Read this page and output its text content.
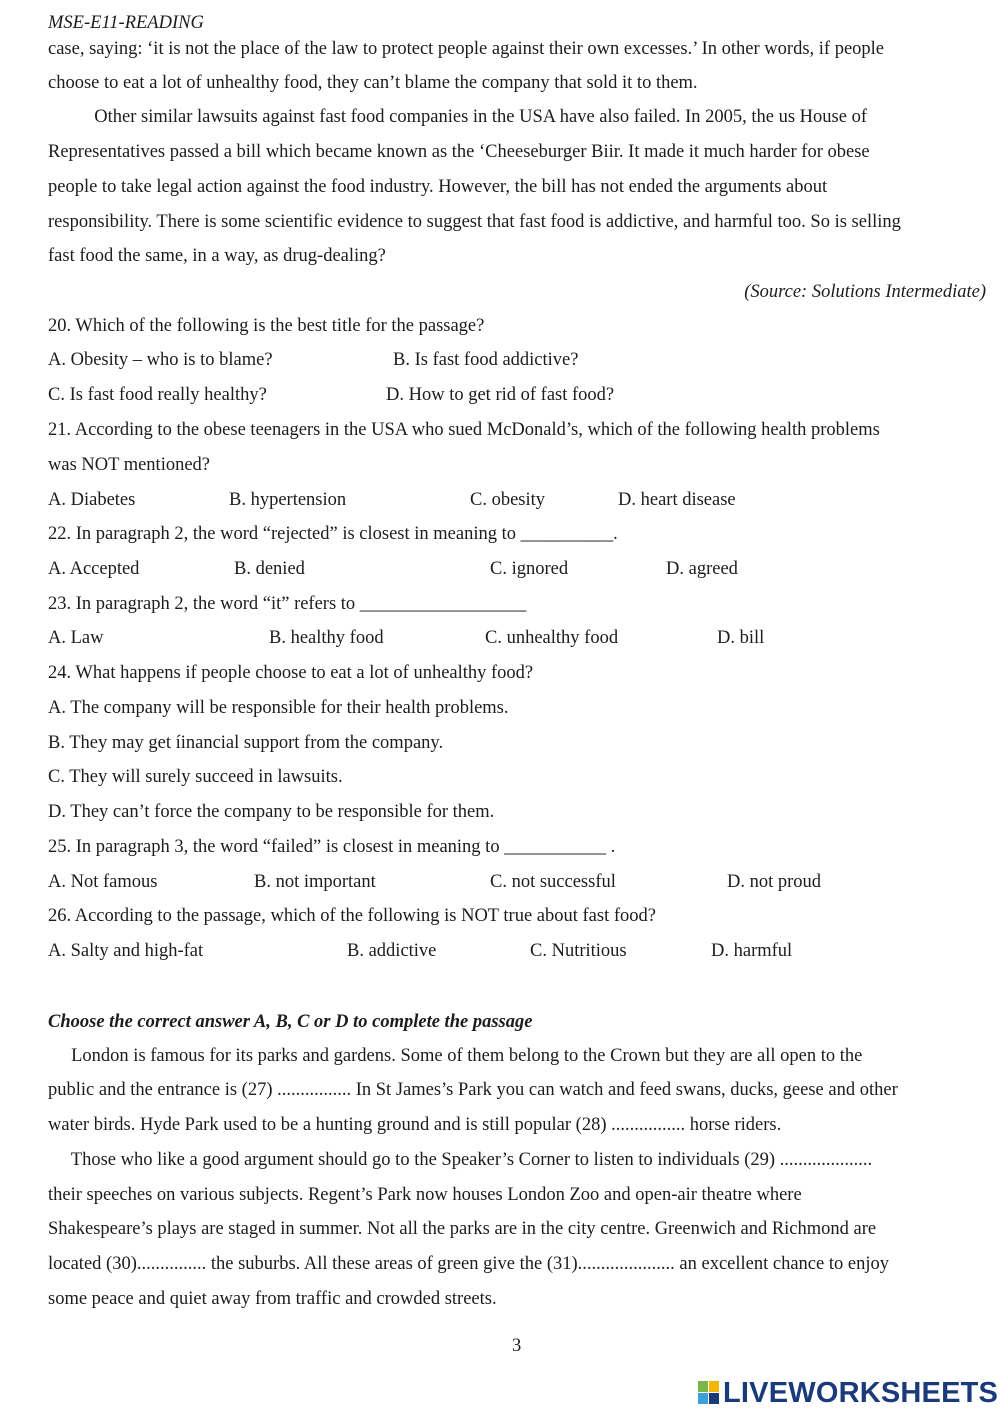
MSE-E11-READING
case, saying: ‘it is not the place of the law to protect people against their own excesses.’ In other words, if people
choose to eat a lot of unhealthy food, they can’t blame the company that sold it to them.
Other similar lawsuits against fast food companies in the USA have also failed. In 2005, the us House of
Representatives passed a bill which became known as the ‘Cheeseburger Biir. It made it much harder for obese
people to take legal action against the food industry. However, the bill has not ended the arguments about
responsibility. There is some scientific evidence to suggest that fast food is addictive, and harmful too. So is selling
fast food the same, in a way, as drug-dealing?
(Source: Solutions Intermediate)
20. Which of the following is the best title for the passage?
A. Obesity – who is to blame?	B. Is fast food addictive?
C. Is fast food really healthy?	D. How to get rid of fast food?
21. According to the obese teenagers in the USA who sued McDonald’s, which of the following health problems
was NOT mentioned?
A. Diabetes	B. hypertension	C. obesity	D. heart disease
22. In paragraph 2, the word “rejected” is closest in meaning to __________.
A. Accepted	B. denied	C. ignored	D. agreed
23. In paragraph 2, the word “it” refers to __________________
A. Law	B. healthy food	C. unhealthy food	D. bill
24. What happens if people choose to eat a lot of unhealthy food?
A. The company will be responsible for their health problems.
B. They may get íinancial support from the company.
C. They will surely succeed in lawsuits.
D. They can’t force the company to be responsible for them.
25. In paragraph 3, the word “failed” is closest in meaning to ___________ .
A. Not famous	B. not important	C. not successful	D. not proud
26. According to the passage, which of the following is NOT true about fast food?
A. Salty and high-fat	B. addictive	C. Nutritious	D. harmful
Choose the correct answer A, B, C or D to complete the passage
London is famous for its parks and gardens. Some of them belong to the Crown but they are all open to the
public and the entrance is (27) ................ In St James’s Park you can watch and feed swans, ducks, geese and other
water birds. Hyde Park used to be a hunting ground and is still popular (28) ................ horse riders.
Those who like a good argument should go to the Speaker’s Corner to listen to individuals (29) ....................
their speeches on various subjects. Regent’s Park now houses London Zoo and open-air theatre where
Shakespeare’s plays are staged in summer. Not all the parks are in the city centre. Greenwich and Richmond are
located (30)............... the suburbs. All these areas of green give the (31)..................... an excellent chance to enjoy
some peace and quiet away from traffic and crowded streets.
3
LIVEWORKSHEETS
